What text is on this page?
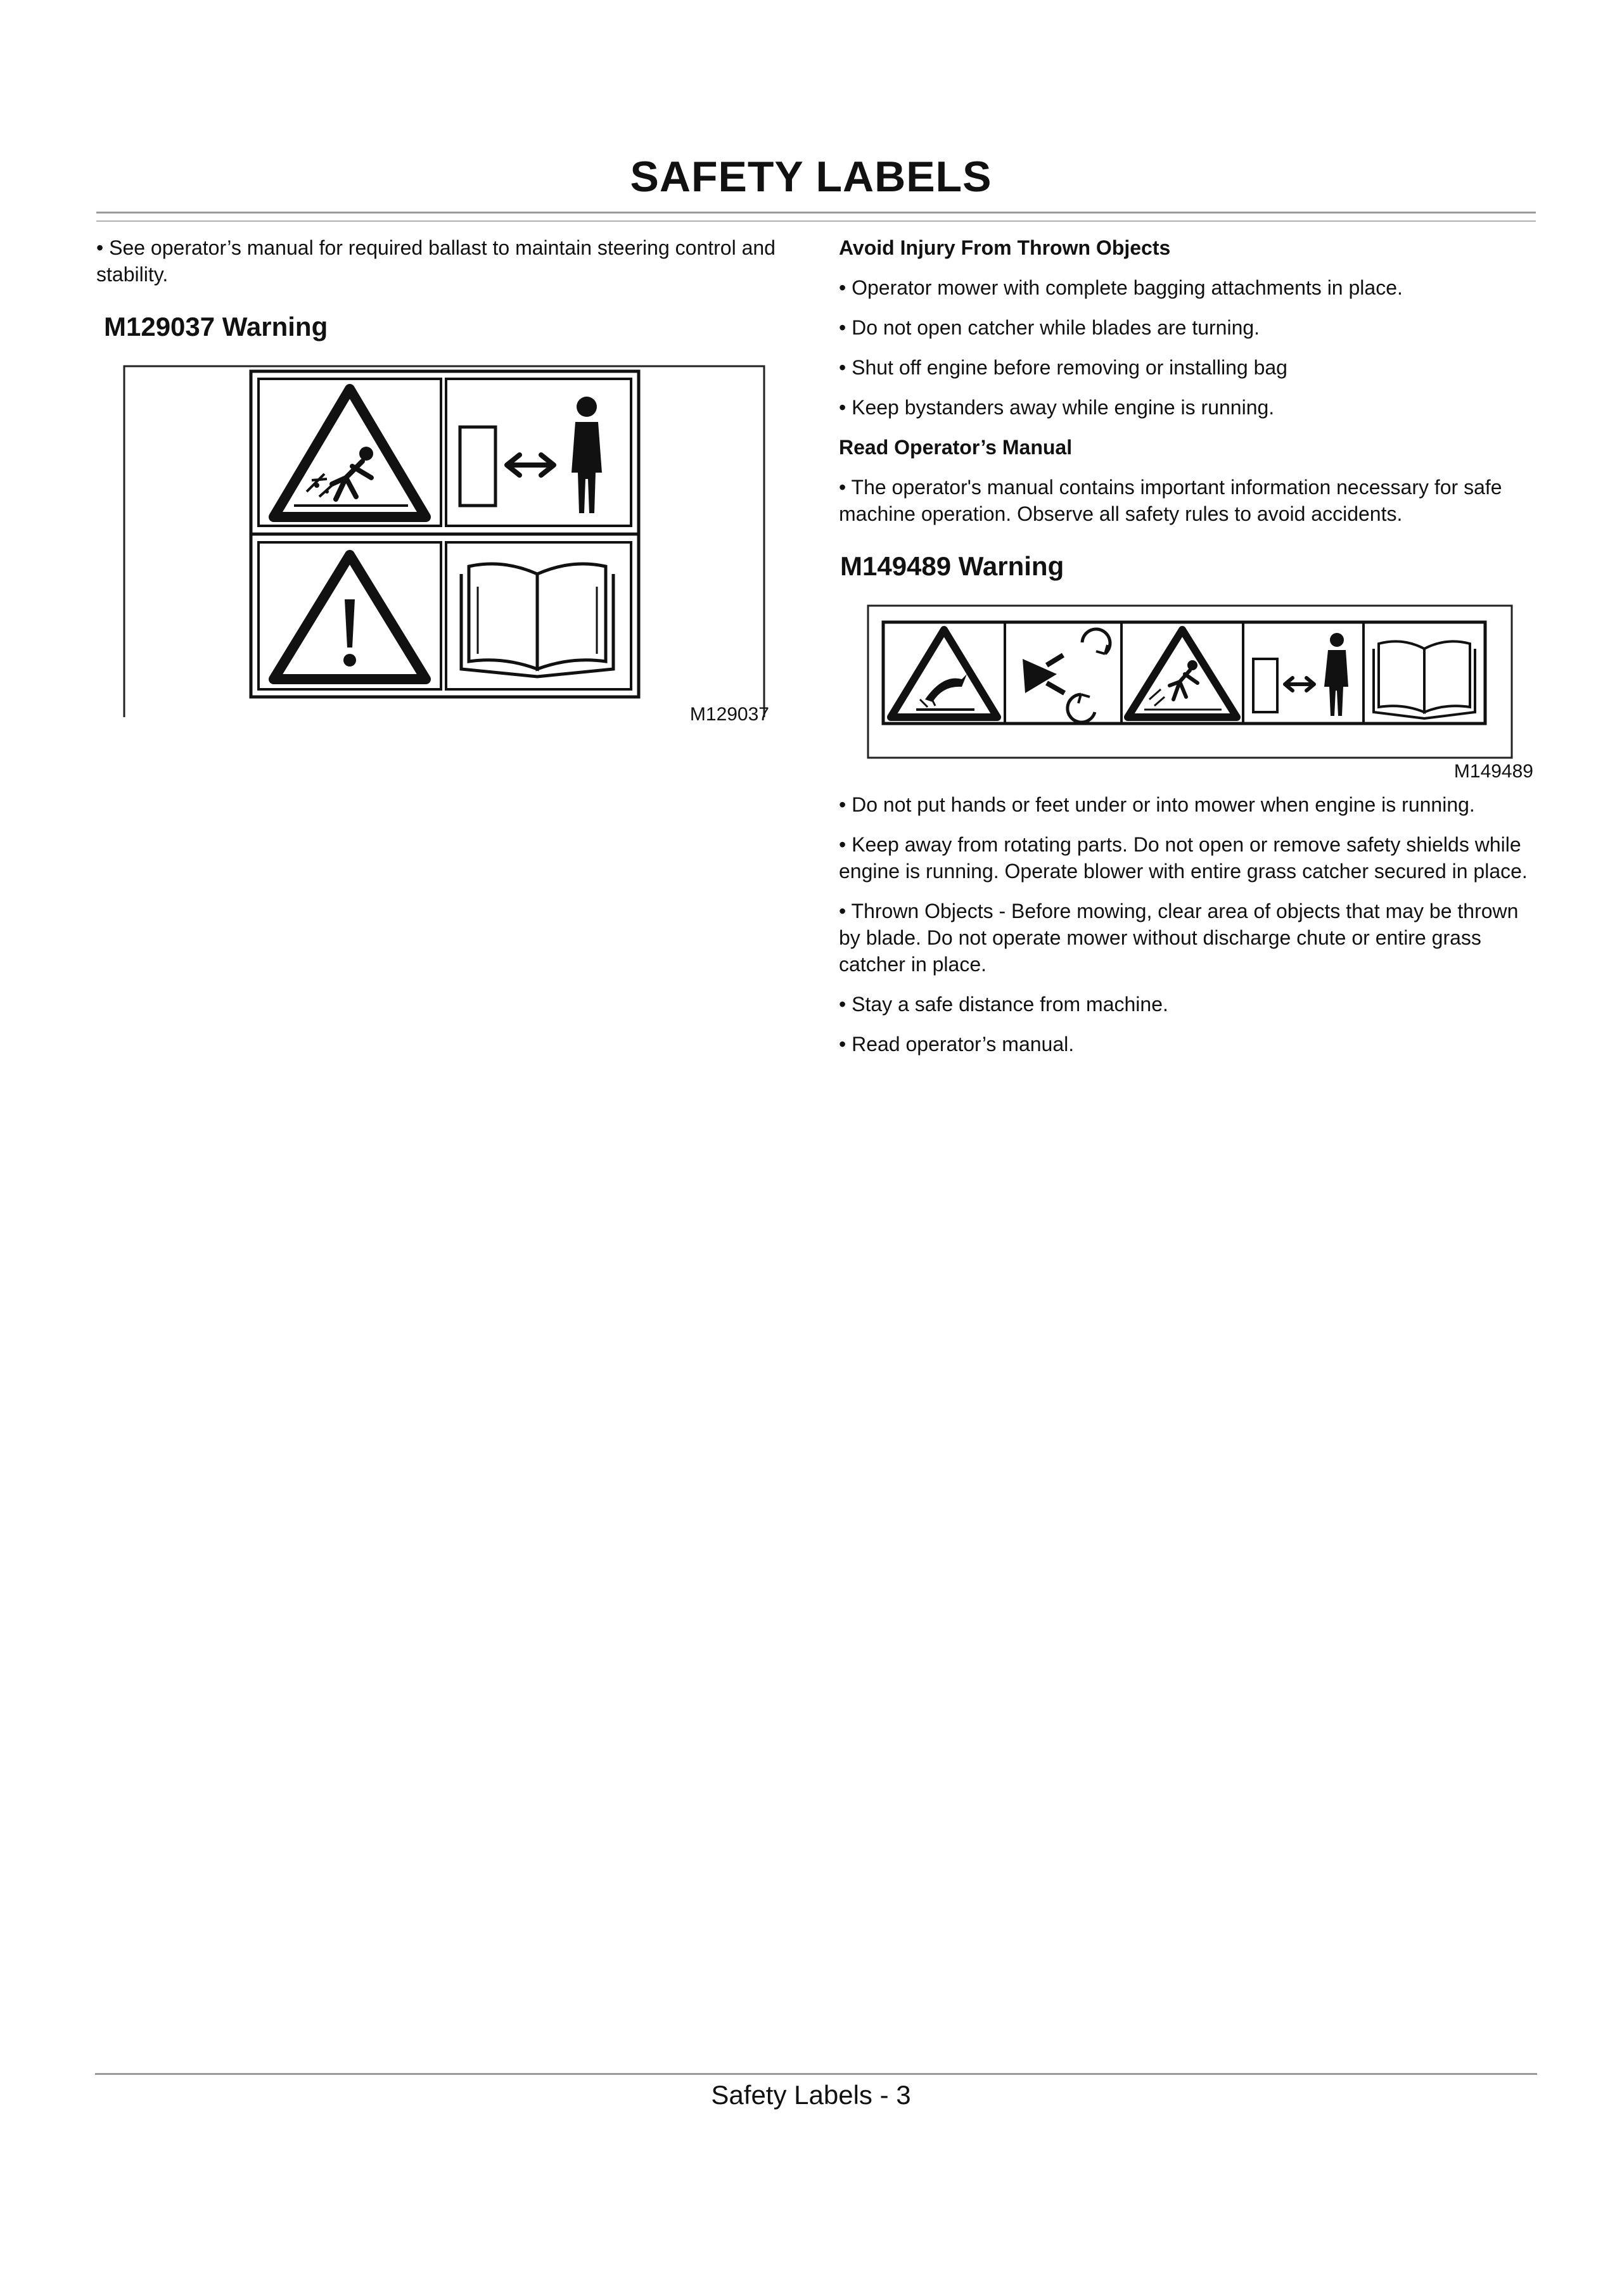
SAFETY LABELS

• See operator’s manual for required ballast to maintain steering control and stability.

M129037 Warning
M129037
Avoid Injury From Thrown Objects

• Operator mower with complete bagging attachments in place.

• Do not open catcher while blades are turning.

• Shut off engine before removing or installing bag

• Keep bystanders away while engine is running.

Read Operator’s Manual

• The operator's manual contains important information necessary for safe machine operation. Observe all safety rules to avoid accidents.

M149489 Warning
M149489

• Do not put hands or feet under or into mower when engine is running.

• Keep away from rotating parts. Do not open or remove safety shields while engine is running. Operate blower with entire grass catcher secured in place.

• Thrown Objects - Before mowing, clear area of objects that may be thrown by blade. Do not operate mower without discharge chute or entire grass catcher in place.

• Stay a safe distance from machine.

• Read operator’s manual.

Safety Labels - 3
